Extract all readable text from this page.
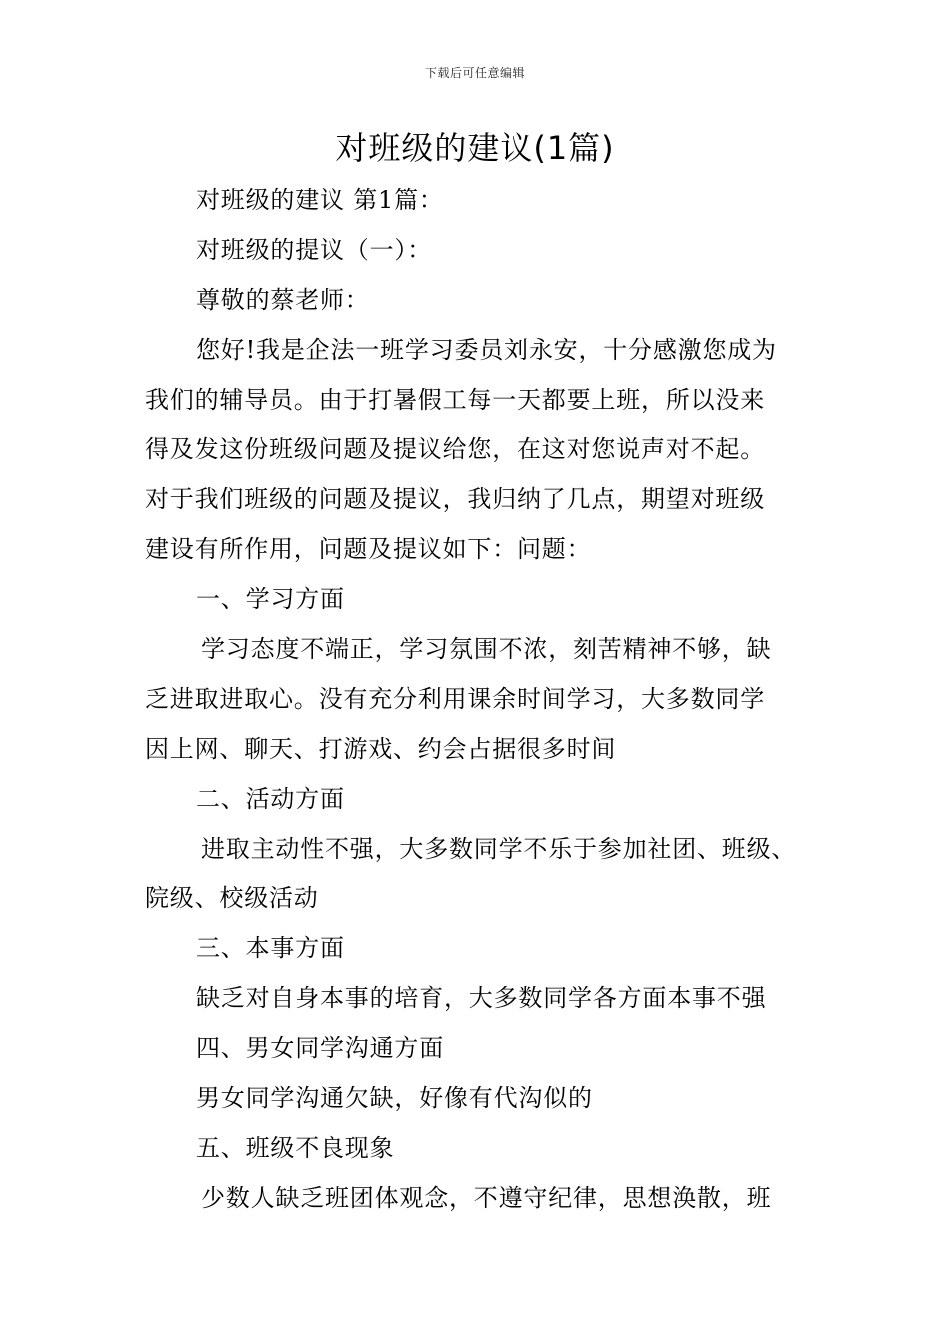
下载后可任意编辑
对班级的建议(1篇)
对班级的建议 第1篇：
对班级的提议（一）：
尊敬的蔡老师：
您好!我是企法一班学习委员刘永安，十分感激您成为
我们的辅导员。由于打暑假工每一天都要上班，所以没来
得及发这份班级问题及提议给您，在这对您说声对不起。
对于我们班级的问题及提议，我归纳了几点，期望对班级
建设有所作用，问题及提议如下：问题：
一、学习方面
学习态度不端正，学习氛围不浓，刻苦精神不够，缺
乏进取进取心。没有充分利用课余时间学习，大多数同学
因上网、聊天、打游戏、约会占据很多时间
二、活动方面
进取主动性不强，大多数同学不乐于参加社团、班级、
院级、校级活动
三、本事方面
缺乏对自身本事的培育，大多数同学各方面本事不强
四、男女同学沟通方面
男女同学沟通欠缺，好像有代沟似的
五、班级不良现象
少数人缺乏班团体观念，不遵守纪律，思想涣散，班
